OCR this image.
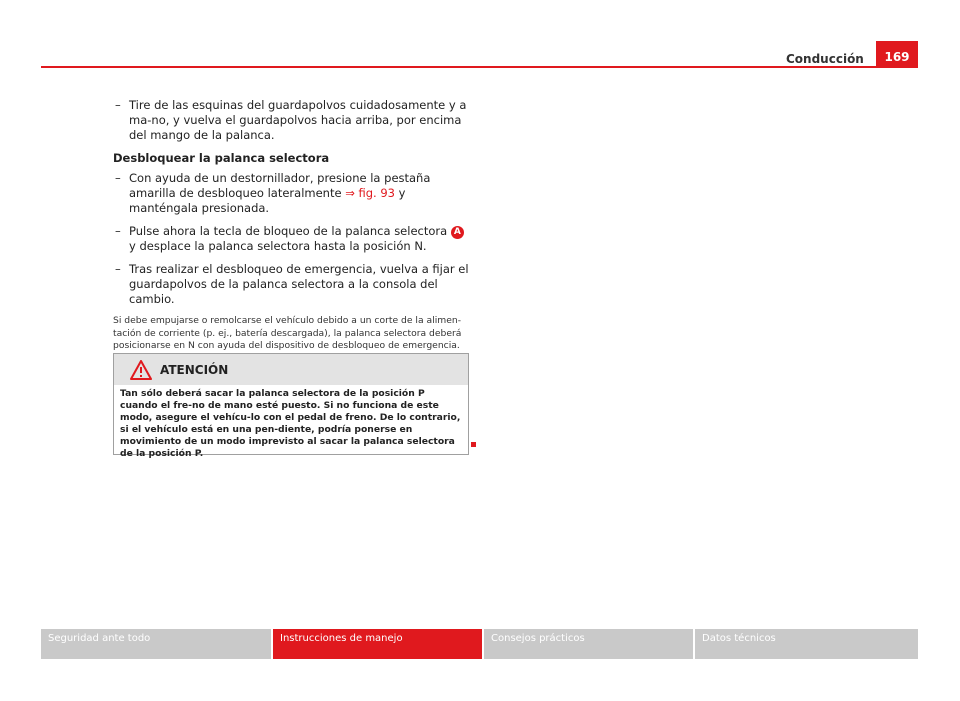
Conducción	169
– Tire de las esquinas del guardapolvos cuidadosamente y a ma-no, y vuelva el guardapolvos hacia arriba, por encima del mango de la palanca.
Desbloquear la palanca selectora
– Con ayuda de un destornillador, presione la pestaña amarilla de desbloqueo lateralmente ⇒ fig. 93 y manténgala presionada.
– Pulse ahora la tecla de bloqueo de la palanca selectora A y desplace la palanca selectora hasta la posición N.
– Tras realizar el desbloqueo de emergencia, vuelva a fijar el guardapolvos de la palanca selectora a la consola del cambio.
Si debe empujarse o remolcarse el vehículo debido a un corte de la alimen-tación de corriente (p. ej., batería descargada), la palanca selectora deberá posicionarse en N con ayuda del dispositivo de desbloqueo de emergencia.
ATENCIÓN
Tan sólo deberá sacar la palanca selectora de la posición P cuando el fre-no de mano esté puesto. Si no funciona de este modo, asegure el vehícu-lo con el pedal de freno. De lo contrario, si el vehículo está en una pen-diente, podría ponerse en movimiento de un modo imprevisto al sacar la palanca selectora de la posición P.
Seguridad ante todo	Instrucciones de manejo	Consejos prácticos	Datos técnicos
